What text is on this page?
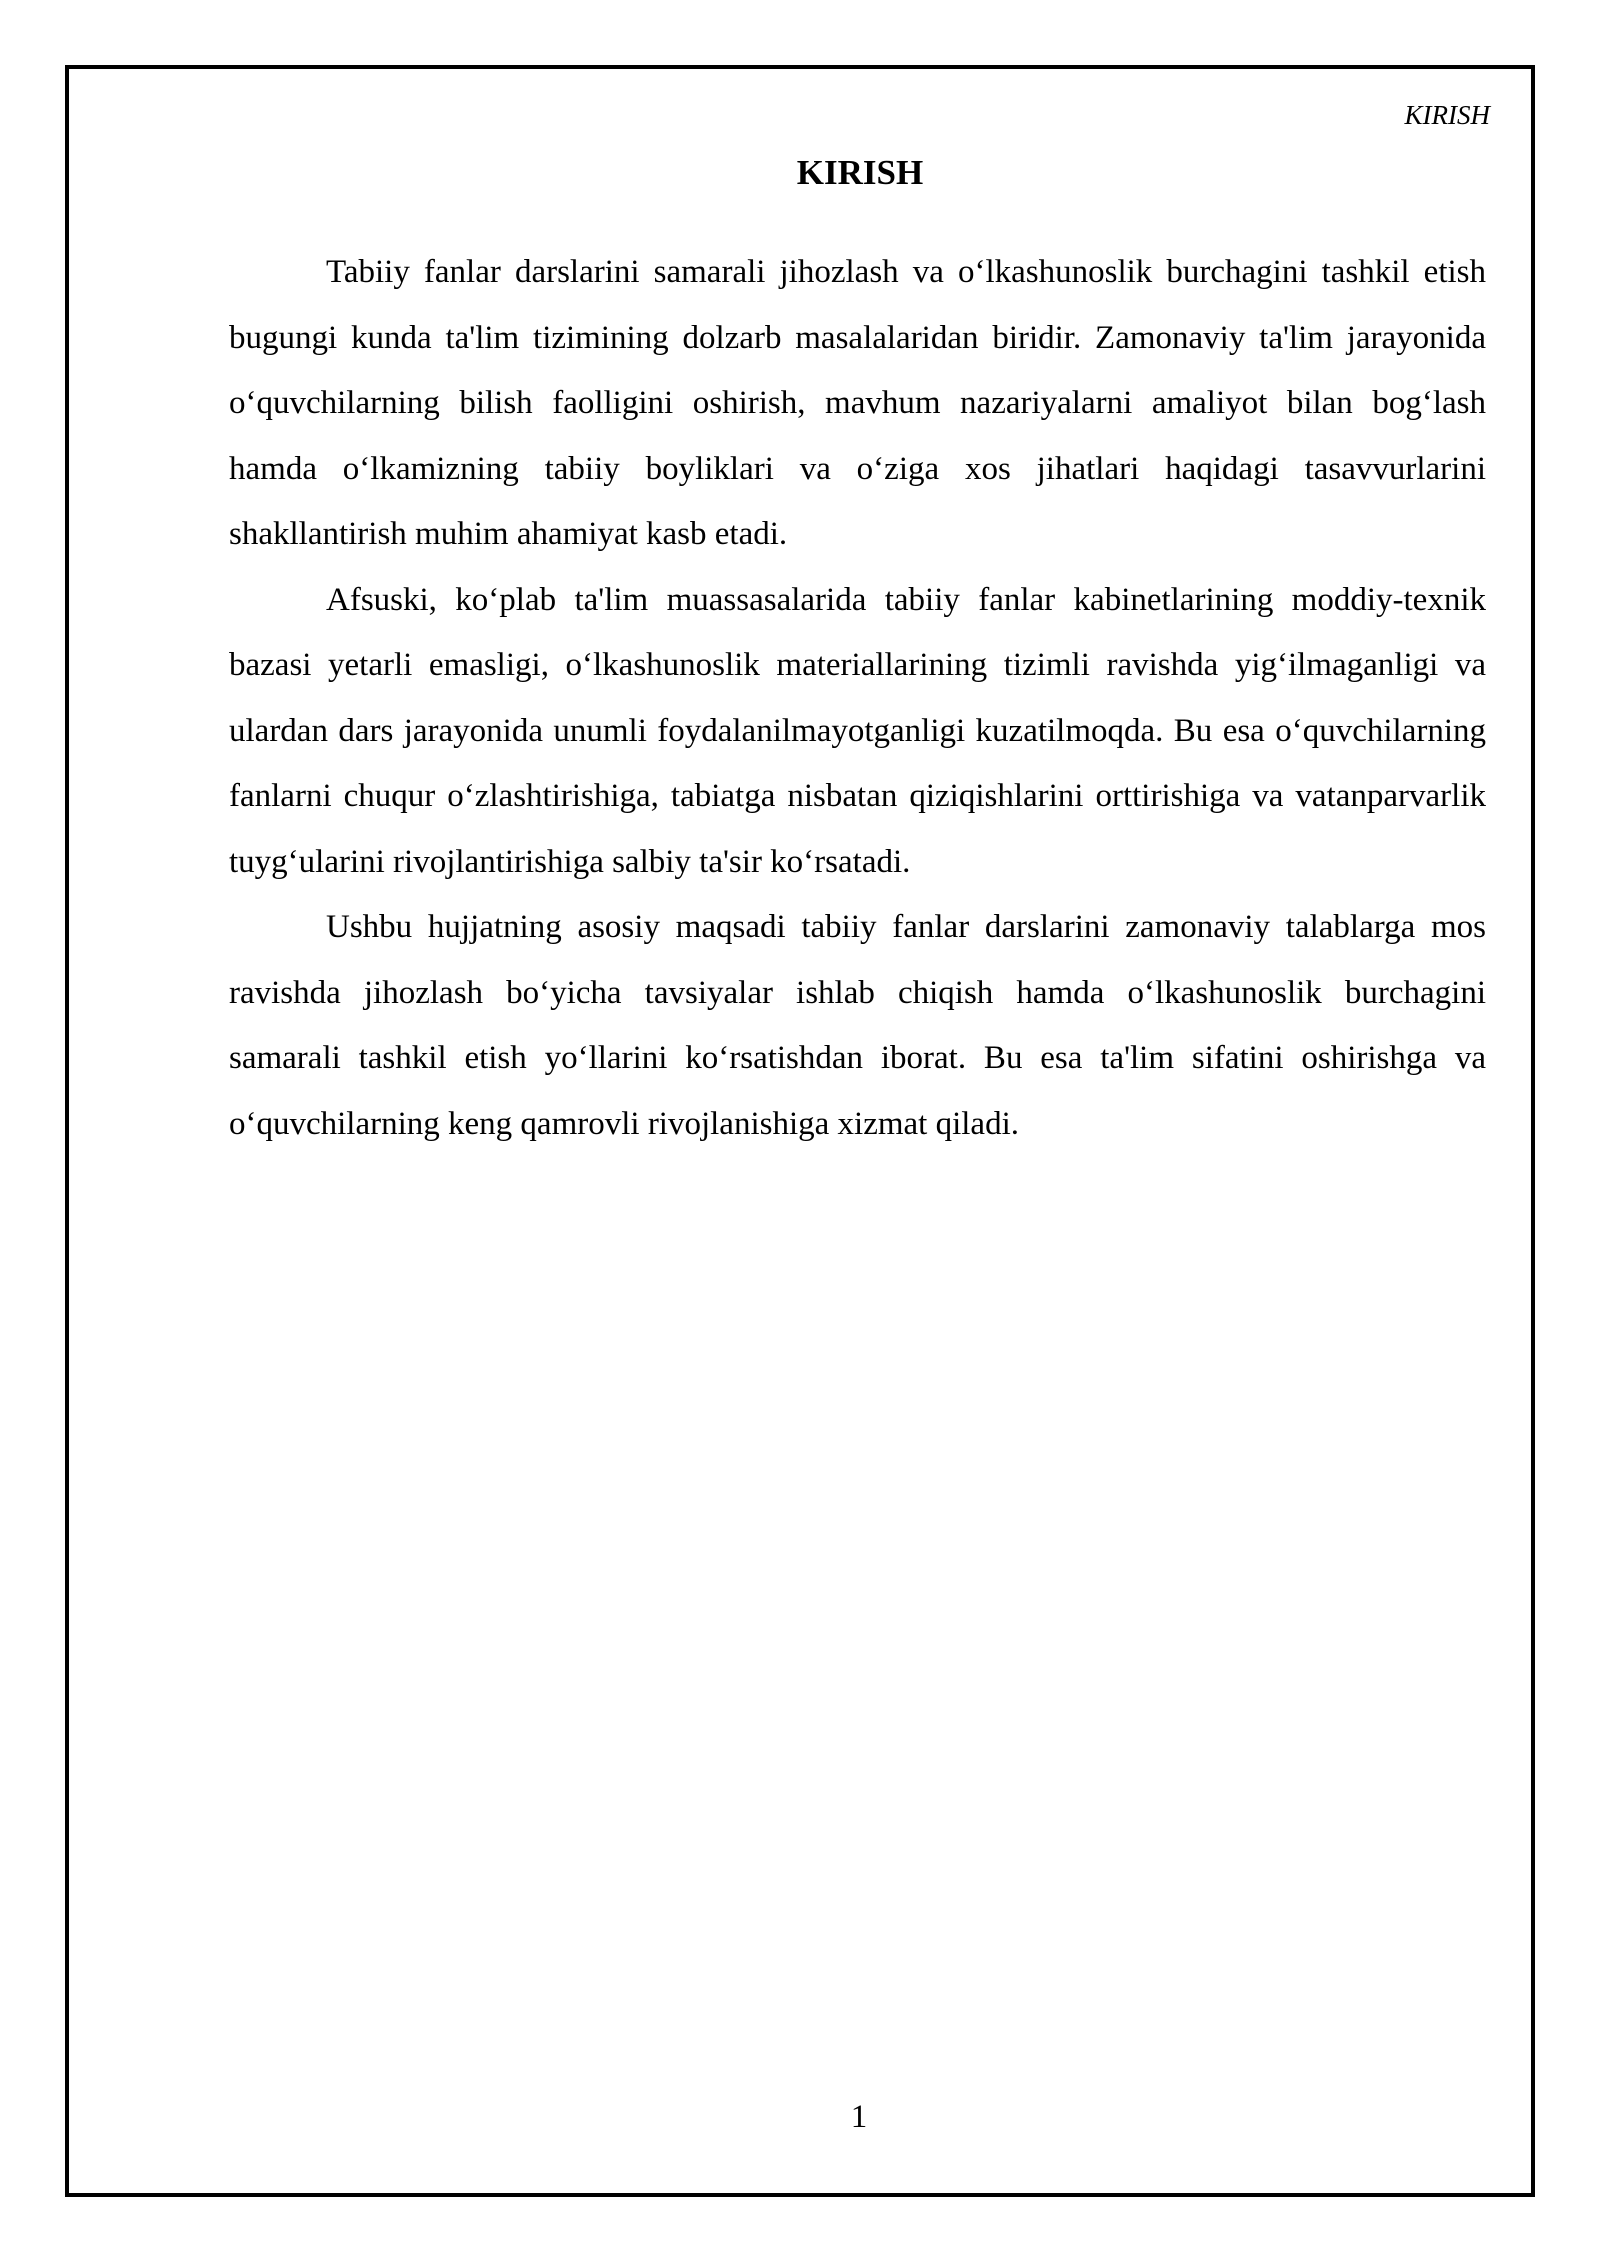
KIRISH
KIRISH

Tabiiy fanlar darslarini samarali jihozlash va o‘lkashunoslik burchagini tashkil etish bugungi kunda ta'lim tizimining dolzarb masalalaridan biridir. Zamonaviy ta'lim jarayonida o‘quvchilarning bilish faolligini oshirish, mavhum nazariyalarni amaliyot bilan bog‘lash hamda o‘lkamizning tabiiy boyliklari va o‘ziga xos jihatlari haqidagi tasavvurlarini shakllantirish muhim ahamiyat kasb etadi.

Afsuski, ko‘plab ta'lim muassasalarida tabiiy fanlar kabinetlarining moddiy-texnik bazasi yetarli emasligi, o‘lkashunoslik materiallarining tizimli ravishda yig‘ilmaganligi va ulardan dars jarayonida unumli foydalanilmayotganligi kuzatilmoqda. Bu esa o‘quvchilarning fanlarni chuqur o‘zlashtirishiga, tabiatga nisbatan qiziqishlarini orttirishiga va vatanparvarlik tuyg‘ularini rivojlantirishiga salbiy ta'sir ko‘rsatadi.

Ushbu hujjatning asosiy maqsadi tabiiy fanlar darslarini zamonaviy talablarga mos ravishda jihozlash bo‘yicha tavsiyalar ishlab chiqish hamda o‘lkashunoslik burchagini samarali tashkil etish yo‘llarini ko‘rsatishdan iborat. Bu esa ta'lim sifatini oshirishga va o‘quvchilarning keng qamrovli rivojlanishiga xizmat qiladi.

1
